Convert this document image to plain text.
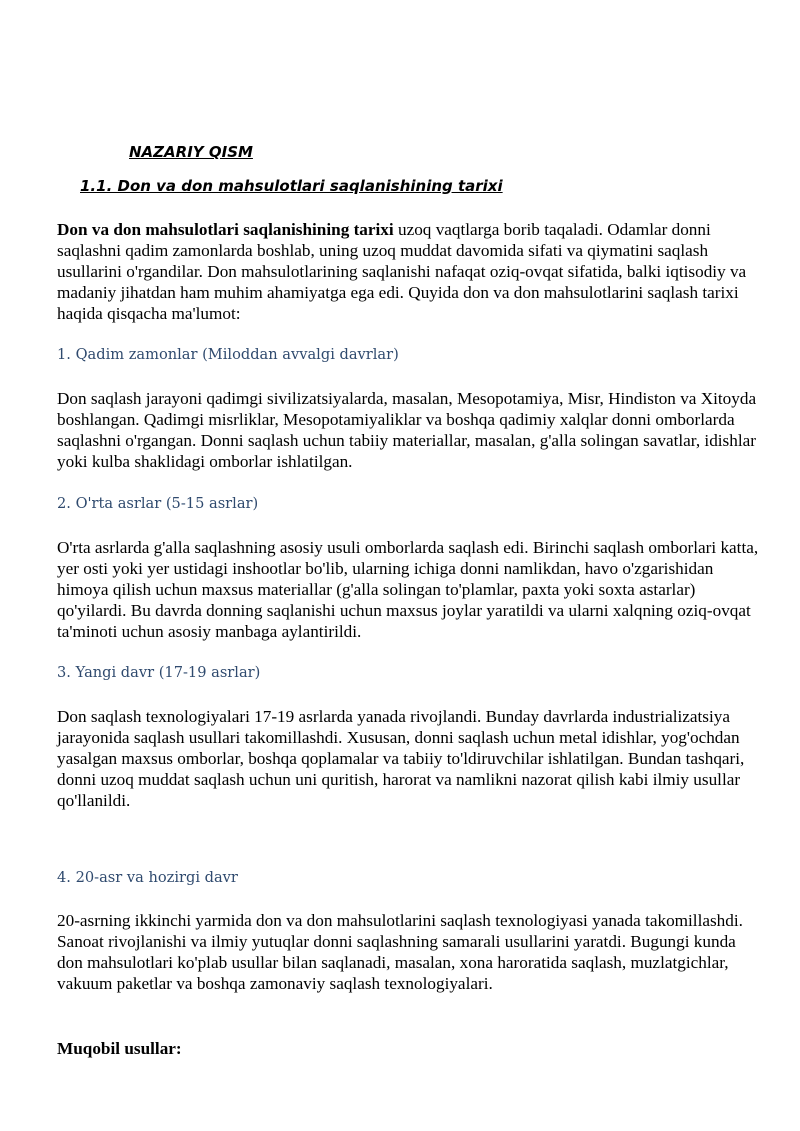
NAZARIY QISM
1.1. Don va don mahsulotlari saqlanishining tarixi

Don va don mahsulotlari saqlanishining tarixi uzoq vaqtlarga borib taqaladi. Odamlar donni saqlashni qadim zamonlarda boshlab, uning uzoq muddat davomida sifati va qiymatini saqlash usullarini o'rgandilar. Don mahsulotlarining saqlanishi nafaqat oziq-ovqat sifatida, balki iqtisodiy va madaniy jihatdan ham muhim ahamiyatga ega edi. Quyida don va don mahsulotlarini saqlash tarixi haqida qisqacha ma'lumot:

1. Qadim zamonlar (Miloddan avvalgi davrlar)

Don saqlash jarayoni qadimgi sivilizatsiyalarda, masalan, Mesopotamiya, Misr, Hindiston va Xitoyda boshlangan. Qadimgi misrliklar, Mesopotamiyaliklar va boshqa qadimiy xalqlar donni omborlarda saqlashni o'rgangan. Donni saqlash uchun tabiiy materiallar, masalan, g'alla solingan savatlar, idishlar yoki kulba shaklidagi omborlar ishlatilgan.

2. O'rta asrlar (5-15 asrlar)

O'rta asrlarda g'alla saqlashning asosiy usuli omborlarda saqlash edi. Birinchi saqlash omborlari katta, yer osti yoki yer ustidagi inshootlar bo'lib, ularning ichiga donni namlikdan, havo o'zgarishidan himoya qilish uchun maxsus materiallar (g'alla solingan to'plamlar, paxta yoki soxta astarlar) qo'yilardi. Bu davrda donning saqlanishi uchun maxsus joylar yaratildi va ularni xalqning oziq-ovqat ta'minoti uchun asosiy manbaga aylantirildi.

3. Yangi davr (17-19 asrlar)

Don saqlash texnologiyalari 17-19 asrlarda yanada rivojlandi. Bunday davrlarda industrializatsiya jarayonida saqlash usullari takomillashdi. Xususan, donni saqlash uchun metal idishlar, yog'ochdan yasalgan maxsus omborlar, boshqa qoplamalar va tabiiy to'ldiruvchilar ishlatilgan. Bundan tashqari, donni uzoq muddat saqlash uchun uni quritish, harorat va namlikni nazorat qilish kabi ilmiy usullar qo'llanildi.

4. 20-asr va hozirgi davr

20-asrning ikkinchi yarmida don va don mahsulotlarini saqlash texnologiyasi yanada takomillashdi. Sanoat rivojlanishi va ilmiy yutuqlar donni saqlashning samarali usullarini yaratdi. Bugungi kunda don mahsulotlari ko'plab usullar bilan saqlanadi, masalan, xona haroratida saqlash, muzlatgichlar, vakuum paketlar va boshqa zamonaviy saqlash texnologiyalari.

Muqobil usullar:
